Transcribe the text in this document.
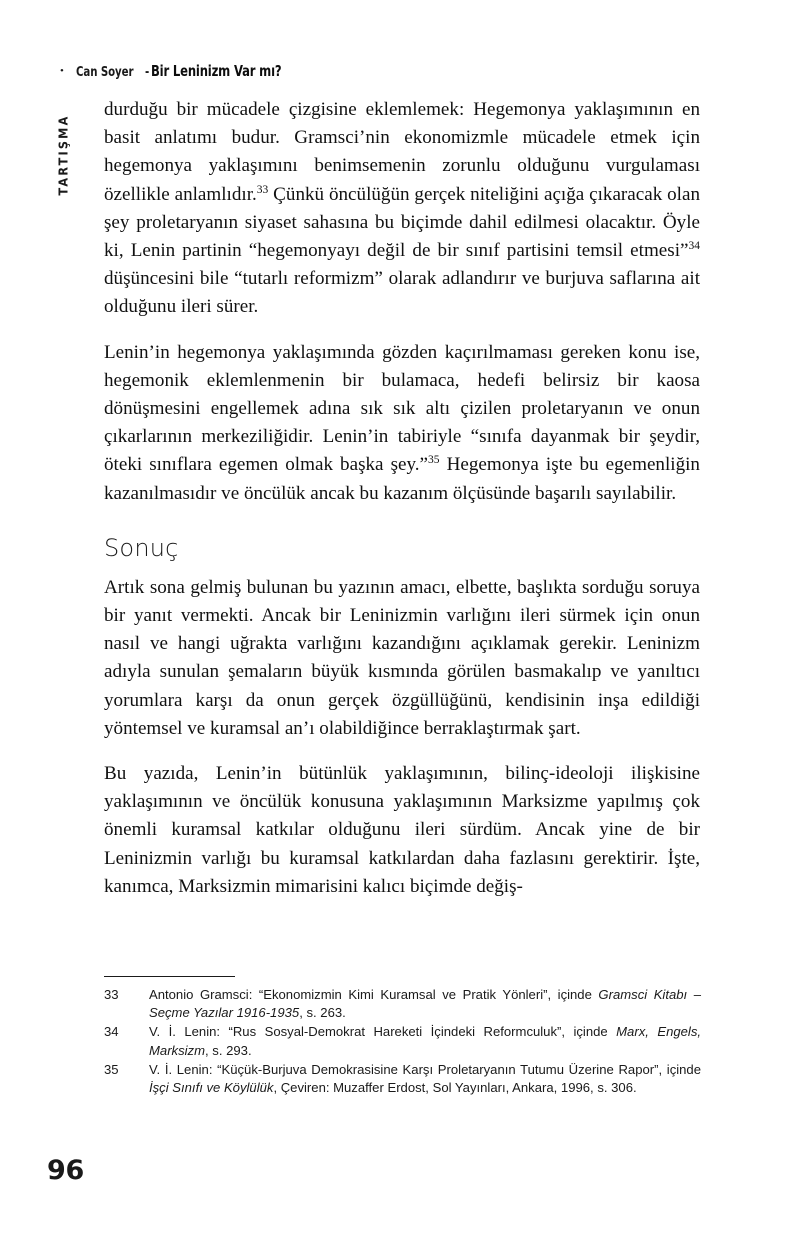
• Can Soyer - Bir Leninizm Var mı?
TARTIŞMA

durduğu bir mücadele çizgisine eklemlemek: Hegemonya yaklaşımının en basit anlatımı budur. Gramsci’nin ekonomizmle mücadele etmek için hegemonya yaklaşımını benimsemenin zorunlu olduğunu vurgulaması özellikle anlamlıdır.$^{33}$ Çünkü öncülüğün gerçek niteliğini açığa çıkaracak olan şey proletaryanın siyaset sahasına bu biçimde dahil edilmesi olacaktır. Öyle ki, Lenin partinin “hegemonyayı değil de bir sınıf partisini temsil etmesi”$^{34}$ düşüncesini bile “tutarlı reformizm” olarak adlandırır ve burjuva saflarına ait olduğunu ileri sürer.

Lenin’in hegemonya yaklaşımında gözden kaçırılmaması gereken konu ise, hegemonik eklemlenmenin bir bulamaca, hedefi belirsiz bir kaosa dönüşmesini engellemek adına sık sık altı çizilen proletaryanın ve onun çıkarlarının merkeziliğidir. Lenin’in tabiriyle “sınıfa dayanmak bir şeydir, öteki sınıflara egemen olmak başka şey.”$^{35}$ Hegemonya işte bu egemenliğin kazanılmasıdır ve öncülük ancak bu kazanım ölçüsünde başarılı sayılabilir.

Sonuç

Artık sona gelmiş bulunan bu yazının amacı, elbette, başlıkta sorduğu soruya bir yanıt vermekti. Ancak bir Leninizmin varlığını ileri sürmek için onun nasıl ve hangi uğrakta varlığını kazandığını açıklamak gerekir. Leninizm adıyla sunulan şemaların büyük kısmında görülen basmakalıp ve yanıltıcı yorumlara karşı da onun gerçek özgüllüğünü, kendisinin inşa edildiği yöntemsel ve kuramsal an’ı olabildiğince berraklaştırmak şart.

Bu yazıda, Lenin’in bütünlük yaklaşımının, bilinç-ideoloji ilişkisine yaklaşımının ve öncülük konusuna yaklaşımının Marksizme yapılmış çok önemli kuramsal katkılar olduğunu ileri sürdüm. Ancak yine de bir Leninizmin varlığı bu kuramsal katkılardan daha fazlasını gerektirir. İşte, kanımca, Marksizmin mimarisini kalıcı biçimde değiş-

33 Antonio Gramsci: “Ekonomizmin Kimi Kuramsal ve Pratik Yönleri”, içinde Gramsci Kitabı – Seçme Yazılar 1916-1935, s. 263.
34 V. İ. Lenin: “Rus Sosyal-Demokrat Hareketi İçindeki Reformculuk”, içinde Marx, Engels, Marksizm, s. 293.
35 V. İ. Lenin: “Küçük-Burjuva Demokrasisine Karşı Proletaryanın Tutumu Üzerine Rapor”, içinde İşçi Sınıfı ve Köylülük, Çeviren: Muzaffer Erdost, Sol Yayınları, Ankara, 1996, s. 306.
96
